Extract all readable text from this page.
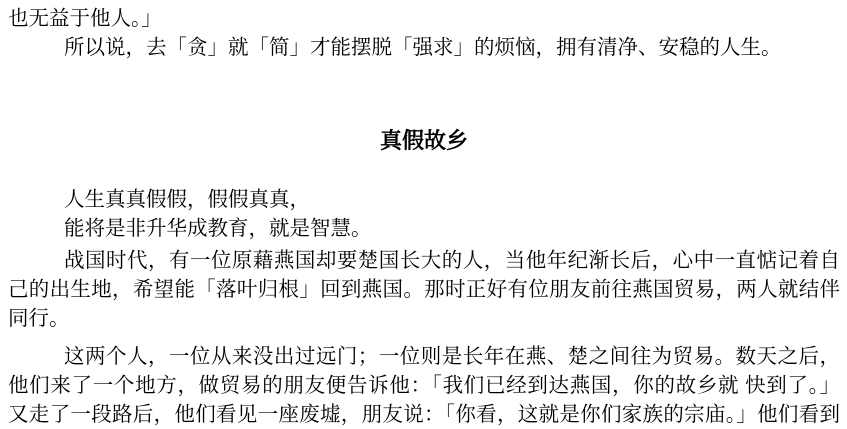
也无益于他人。」

所以说，去「贪」就「简」才能摆脱「强求」的烦恼，拥有清净、安稳的人生。

真假故乡

人生真真假假，假假真真，

能将是非升华成教育，就是智慧。

战国时代，有一位原藉燕国却要楚国长大的人，当他年纪渐长后，心中一直惦记着自

己的出生地，希望能「落叶归根」回到燕国。那时正好有位朋友前往燕国贸易，两人就结伴

同行。

这两个人，一位从来没出过远门；一位则是长年在燕、楚之间往为贸易。数天之后，

他们来了一个地方，做贸易的朋友便告诉他：「我们已经到达燕国，你的故乡就 快到了。」

又走了一段路后，他们看见一座废墟，朋友说：「你看，这就是你们家族的宗庙。」他们看到
